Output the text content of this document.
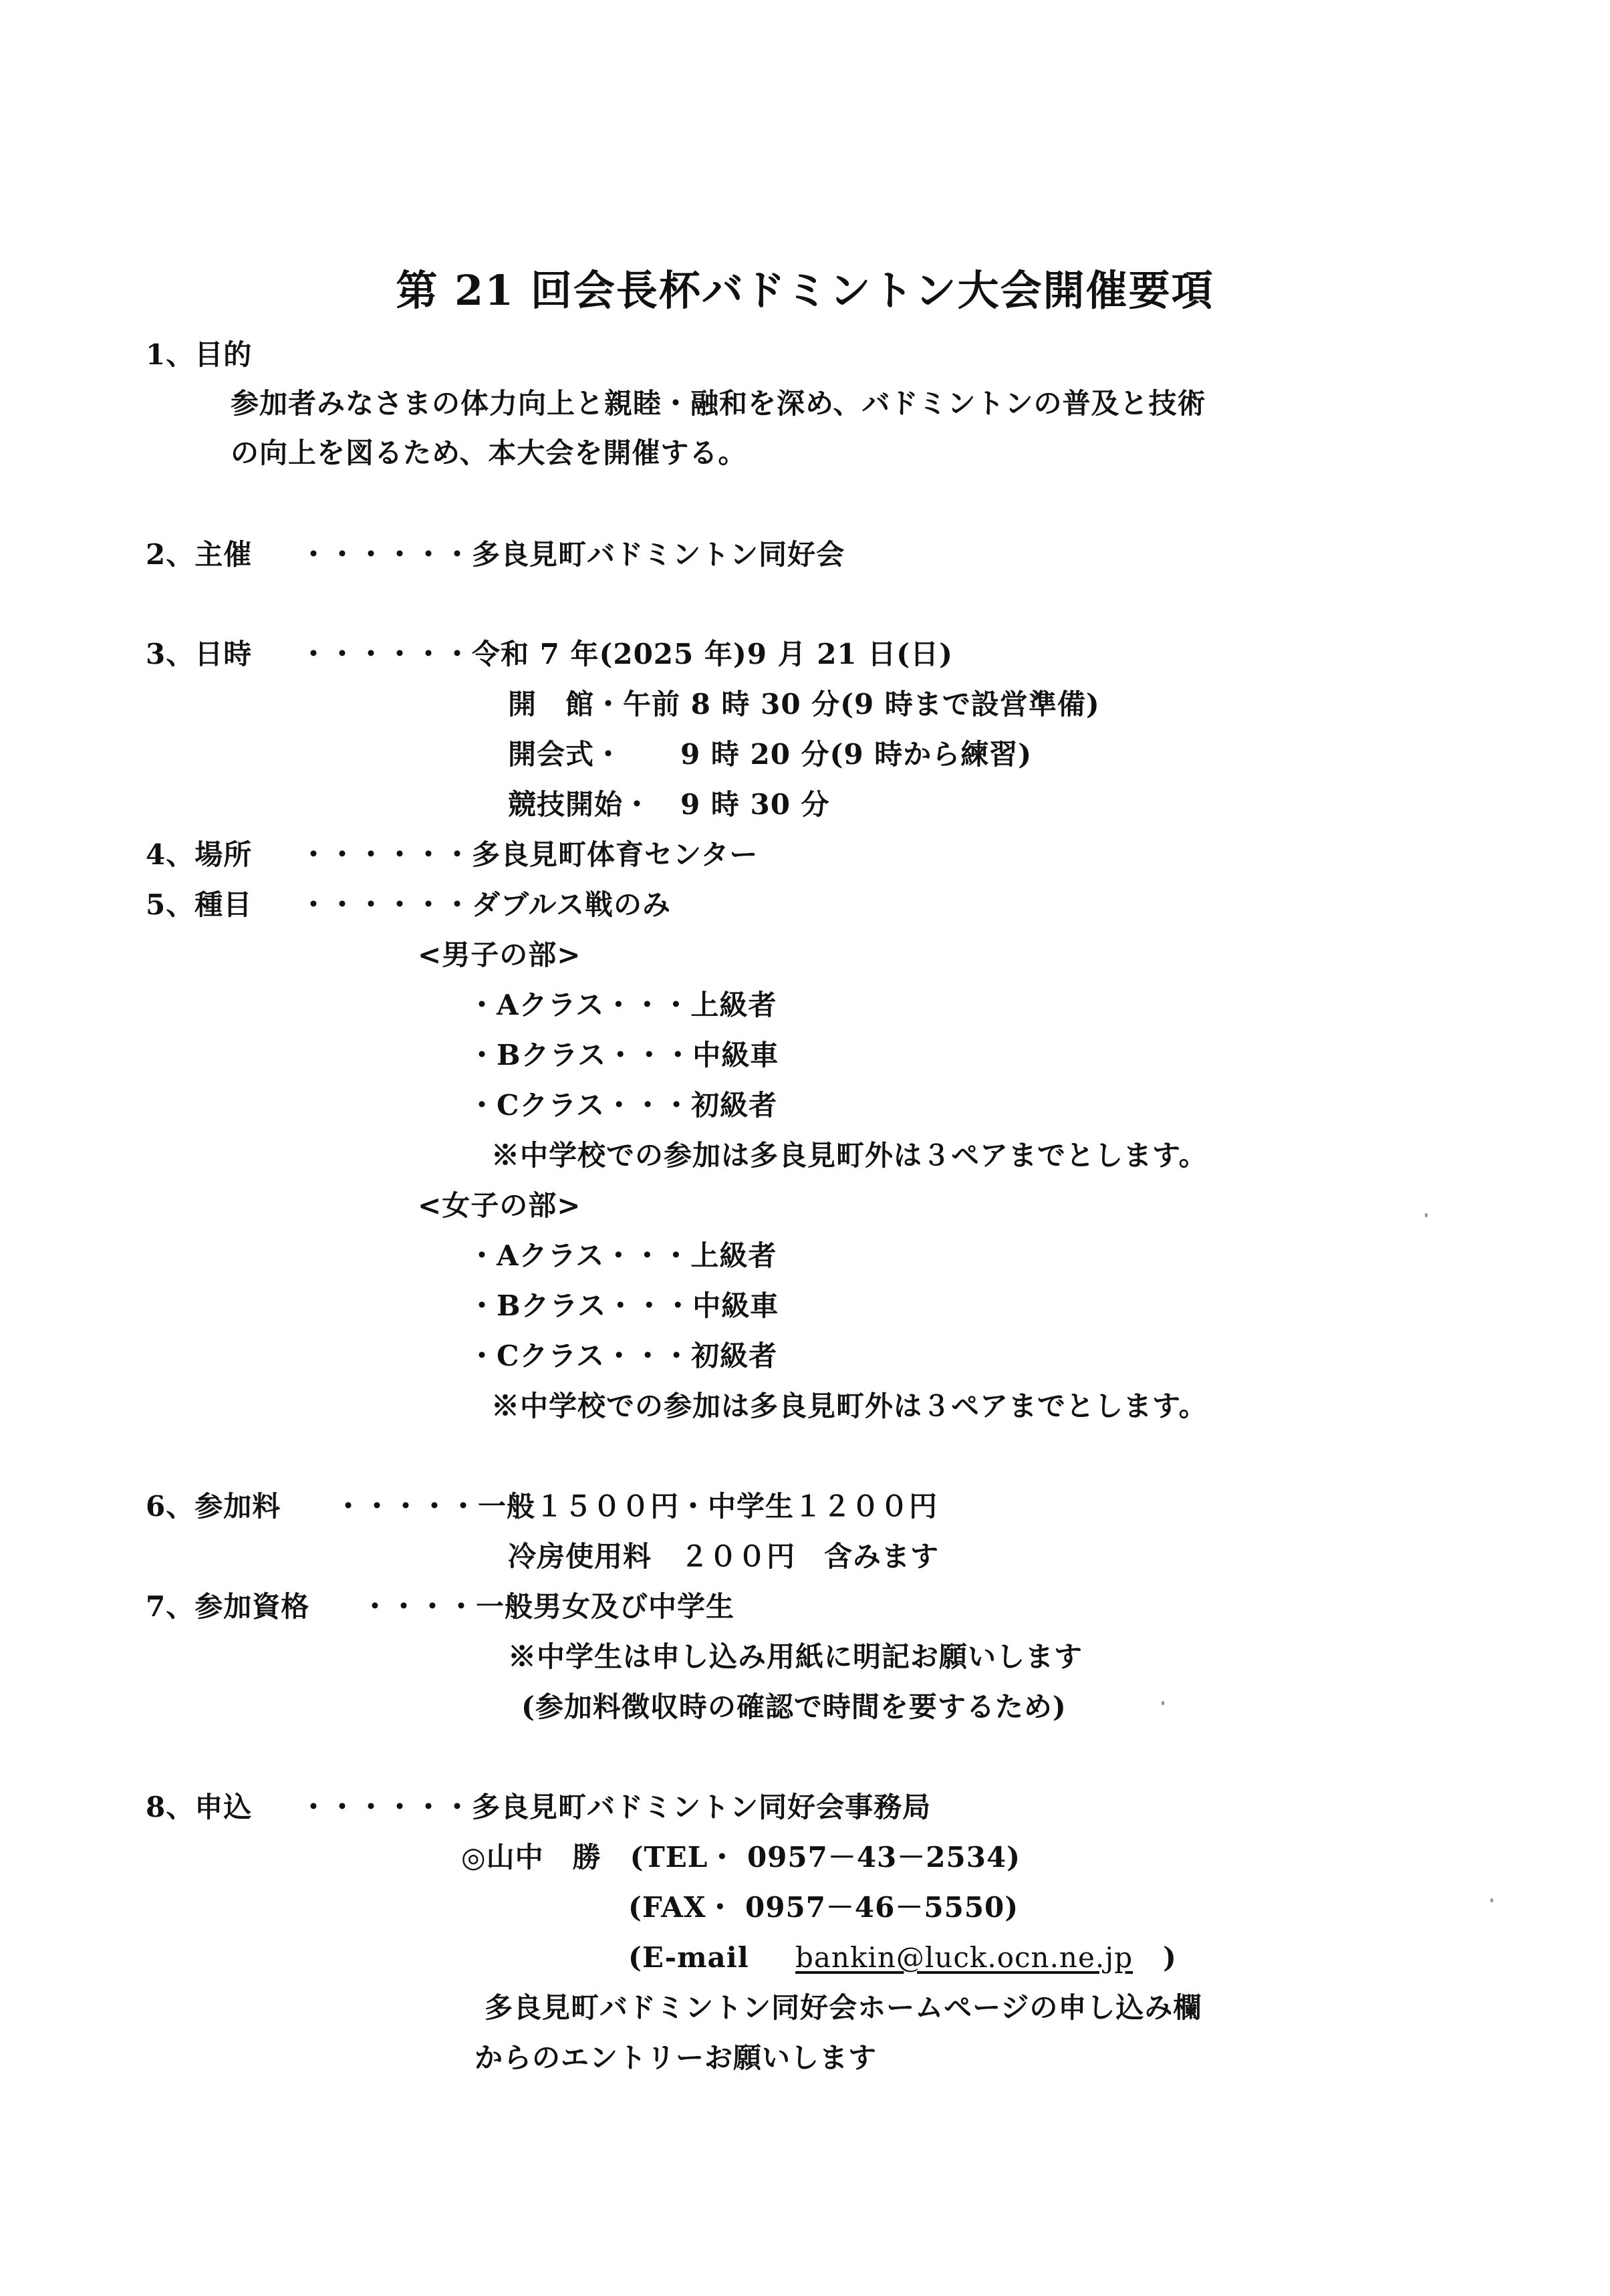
第 21 回会長杯バドミントン大会開催要項
1、目的
参加者みなさまの体力向上と親睦・融和を深め、バドミントンの普及と技術
の向上を図るため、本大会を開催する。
2、主催 ・・・・・・多良見町バドミントン同好会
3、日時 ・・・・・・令和 7 年(2025 年)9 月 21 日(日)
開　館・午前 8 時 30 分(9 時まで設営準備)
開会式・　　9 時 20 分(9 時から練習)
競技開始・　9 時 30 分
4、場所 ・・・・・・多良見町体育センター
5、種目 ・・・・・・ダブルス戦のみ
<男子の部>
・Aクラス・・・上級者
・Bクラス・・・中級車
・Cクラス・・・初級者
※中学校での参加は多良見町外は３ペアまでとします。
<女子の部>
・Aクラス・・・上級者
・Bクラス・・・中級車
・Cクラス・・・初級者
※中学校での参加は多良見町外は３ペアまでとします。
6、参加料 ・・・・・一般１５００円・中学生１２００円
冷房使用料　２００円　含みます
7、参加資格 ・・・・一般男女及び中学生
※中学生は申し込み用紙に明記お願いします
(参加料徴収時の確認で時間を要するため)
8、申込 ・・・・・・多良見町バドミントン同好会事務局
◎山中　勝　(TEL・ 0957－43－2534)
(FAX・ 0957－46－5550)
(E-mail bankin@luck.ocn.ne.jp )
多良見町バドミントン同好会ホームページの申し込み欄
からのエントリーお願いします
